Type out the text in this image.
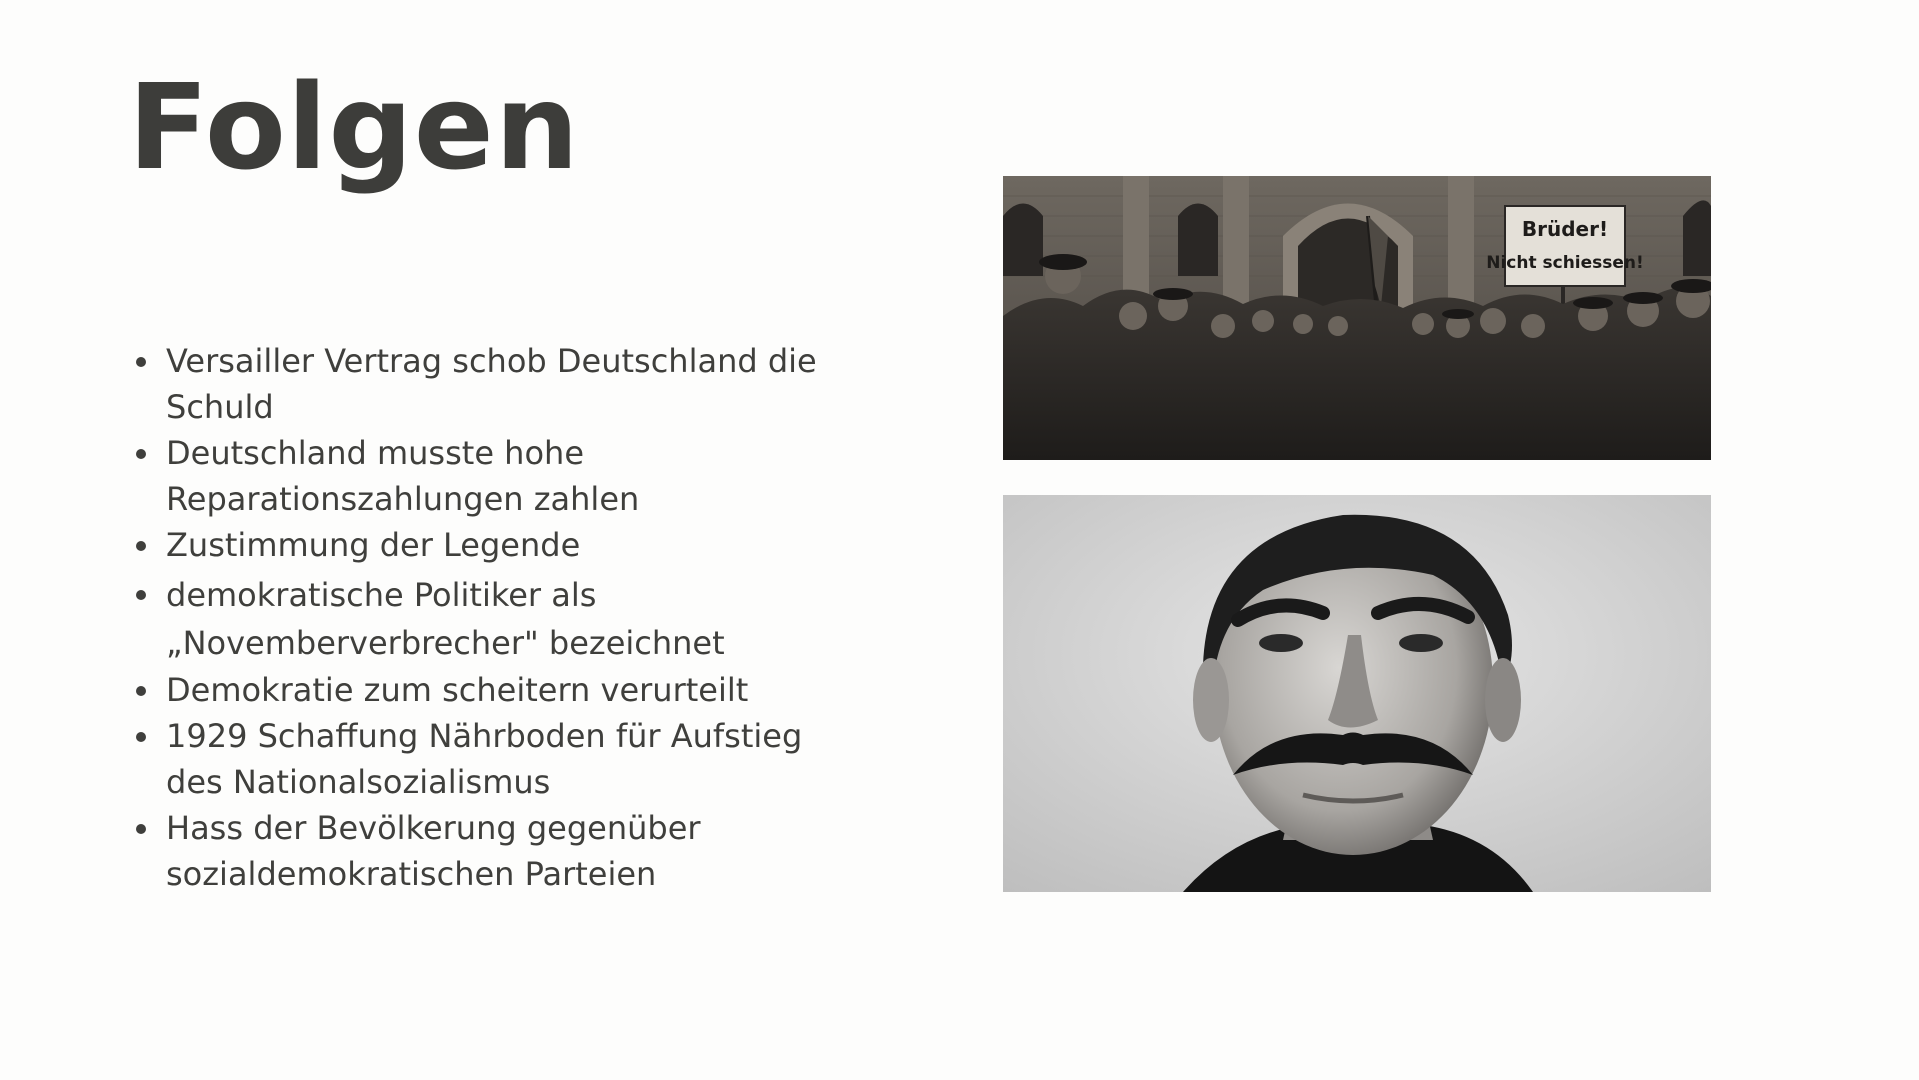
Folgen
Versailler Vertrag schob Deutschland die Schuld
Deutschland musste hohe Reparationszahlungen zahlen
Zustimmung der Legende
demokratische Politiker als „Novemberverbrecher" bezeichnet
Demokratie zum scheitern verurteilt
1929 Schaffung Nährboden für Aufstieg des Nationalsozialismus
Hass der Bevölkerung gegenüber sozialdemokratischen Parteien
Brüder!
Nicht schiessen!
